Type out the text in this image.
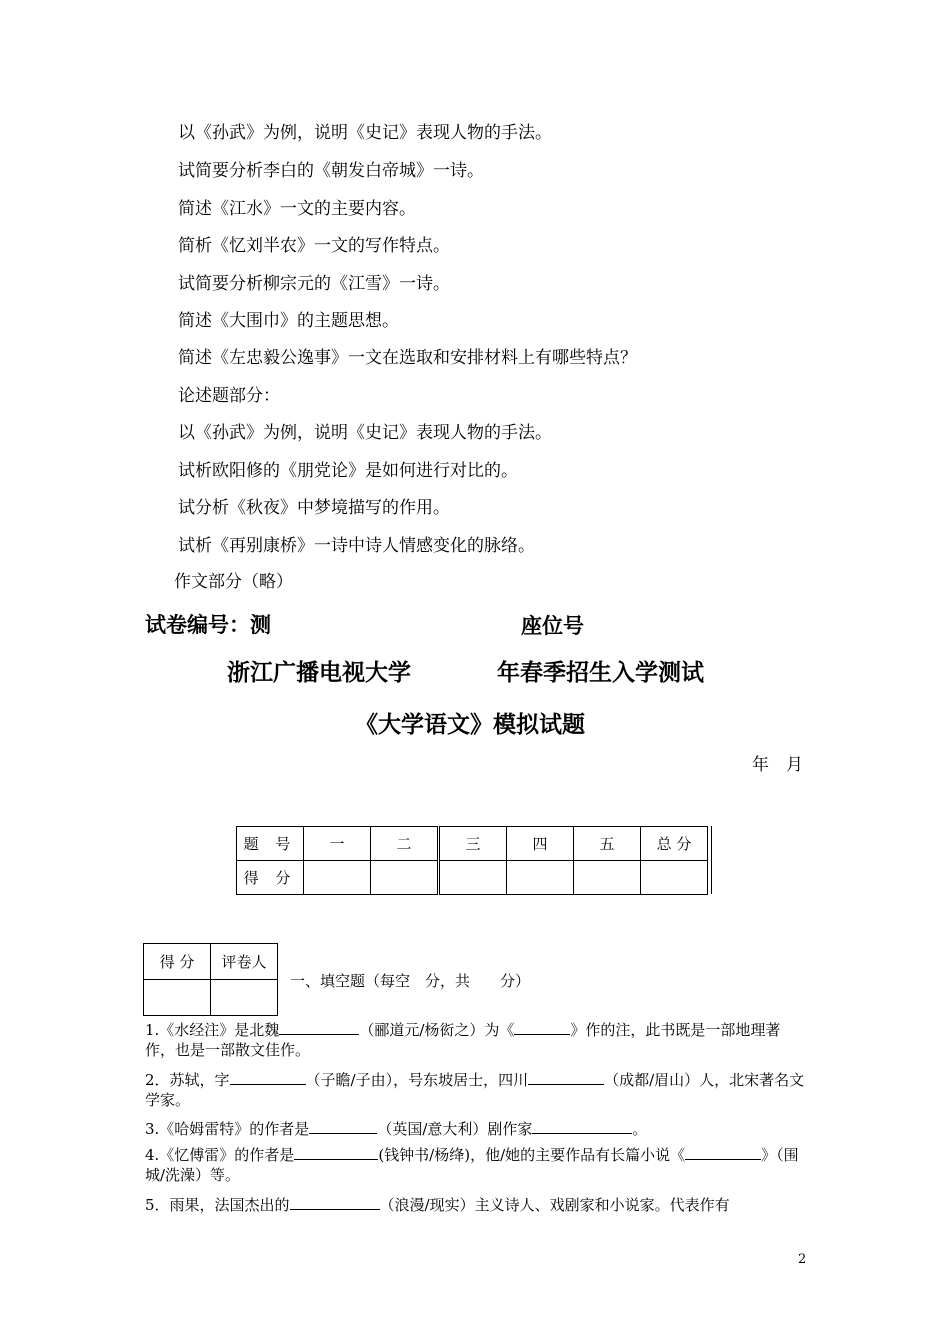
以《孙武》为例，说明《史记》表现人物的手法。
试简要分析李白的《朝发白帝城》一诗。
简述《江水》一文的主要内容。
简析《忆刘半农》一文的写作特点。
试简要分析柳宗元的《江雪》一诗。
简述《大围巾》的主题思想。
简述《左忠毅公逸事》一文在选取和安排材料上有哪些特点？
论述题部分：
以《孙武》为例，说明《史记》表现人物的手法。
试析欧阳修的《朋党论》是如何进行对比的。
试分析《秋夜》中梦境描写的作用。
试析《再别康桥》一诗中诗人情感变化的脉络。
作文部分（略）
试卷编号：测	座位号
浙江广播电视大学	年春季招生入学测试
《大学语文》模拟试题
年　月
题 号	一	二	三	四	五	总 分
得 分						
得 分	评卷人

一、填空题（每空　分，共　　分）
1.《水经注》是北魏	（郦道元/杨衒之）为《	》作的注，此书既是一部地理著作，也是一部散文佳作。
2．苏轼，字	（子瞻/子由），号东坡居士，四川	（成都/眉山）人，北宋著名文学家。
3.《哈姆雷特》的作者是	（英国/意大利）剧作家	。
4.《忆傅雷》的作者是	(钱钟书/杨绛)，他/她的主要作品有长篇小说《	》（围城/洗澡）等。
5．雨果，法国杰出的	（浪漫/现实）主义诗人、戏剧家和小说家。代表作有
2
